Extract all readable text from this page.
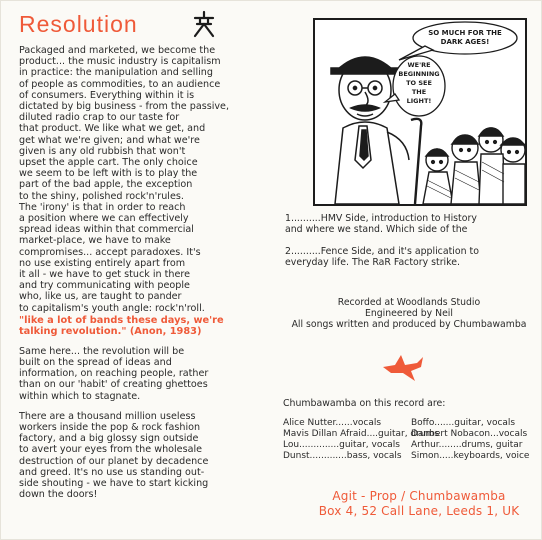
Resolution

Packaged and marketed, we become the
product... the music industry is capitalism
in practice: the manipulation and selling
of people as commodities, to an audience
of consumers. Everything within it is
dictated by big business - from the passive,
diluted radio crap to our taste for
that product. We like what we get, and
get what we're given; and what we're
given is any old rubbish that won't
upset the apple cart. The only choice
we seem to be left with is to play the
part of the bad apple, the exception
to the shiny, polished rock'n'rules.
The 'irony' is that in order to reach
a position where we can effectively
spread ideas within that commercial
market-place, we have to make
compromises... accept paradoxes. It's
no use existing entirely apart from
it all - we have to get stuck in there
and try communicating with people
who, like us, are taught to pander
to capitalism's youth angle: rock'n'roll.

"like a lot of bands these days, we're
talking revolution." (Anon, 1983)

Same here... the revolution will be
built on the spread of ideas and
information, on reaching people, rather
than on our 'habit' of creating ghettoes
within which to stagnate.

There are a thousand million useless
workers inside the pop & rock fashion
factory, and a big glossy sign outside
to avert your eyes from the wholesale
destruction of our planet by decadence
and greed. It's no use us standing out-
side shouting - we have to start kicking
down the doors!

SO MUCH FOR THE
DARK AGES!
WE'RE
BEGINNING
TO SEE
THE
LIGHT!
1..........HMV Side, introduction to History
and where we stand. Which side of the
2..........Fence Side, and it's application to
everyday life. The RaR Factory strike.
Recorded at Woodlands Studio
Engineered by Neil
All songs written and produced by Chumbawamba
Chumbawamba on this record are:
Alice Nutter......vocals
Mavis Dillan Afraid....guitar, drums
Lou..............guitar, vocals
Dunst.............bass, vocals
Boffo.......guitar, vocals
Danbert Nobacon...vocals
Arthur........drums, guitar
Simon.....keyboards, voice
Agit - Prop / Chumbawamba
Box 4, 52 Call Lane, Leeds 1, UK
